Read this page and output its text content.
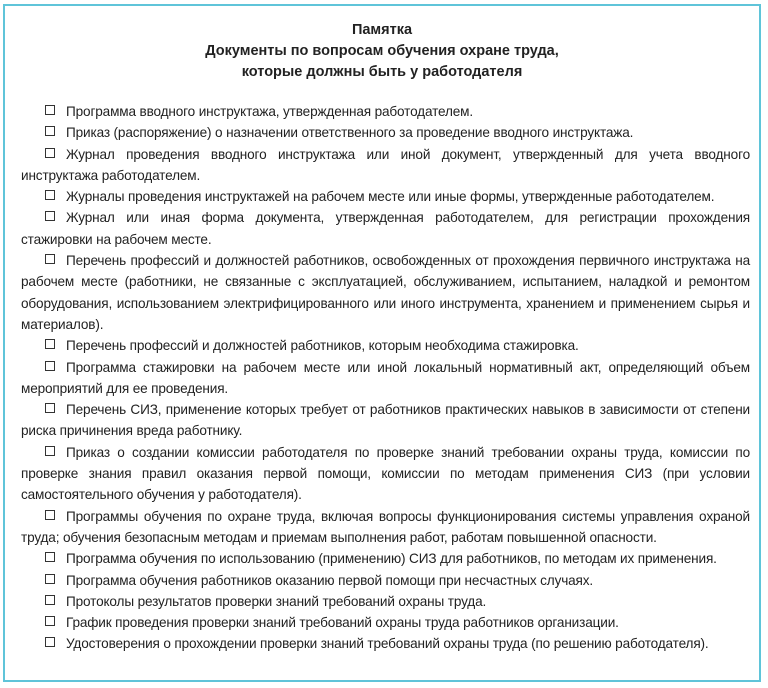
Памятка
Документы по вопросам обучения охране труда,
которые должны быть у работодателя
Программа вводного инструктажа, утвержденная работодателем.
Приказ (распоряжение) о назначении ответственного за проведение вводного инструктажа.
Журнал проведения вводного инструктажа или иной документ, утвержденный для учета вводного инструктажа работодателем.
Журналы проведения инструктажей на рабочем месте или иные формы, утвержденные работодателем.
Журнал или иная форма документа, утвержденная работодателем, для регистрации прохождения стажировки на рабочем месте.
Перечень профессий и должностей работников, освобожденных от прохождения первичного инструктажа на рабочем месте (работники, не связанные с эксплуатацией, обслуживанием, испытанием, наладкой и ремонтом оборудования, использованием электрифицированного или иного инструмента, хранением и применением сырья и материалов).
Перечень профессий и должностей работников, которым необходима стажировка.
Программа стажировки на рабочем месте или иной локальный нормативный акт, определяющий объем мероприятий для ее проведения.
Перечень СИЗ, применение которых требует от работников практических навыков в зависимости от степени риска причинения вреда работнику.
Приказ о создании комиссии работодателя по проверке знаний требовании охраны труда, комиссии по проверке знания правил оказания первой помощи, комиссии по методам применения СИЗ (при условии самостоятельного обучения у работодателя).
Программы обучения по охране труда, включая вопросы функционирования системы управления охраной труда; обучения безопасным методам и приемам выполнения работ, работам повышенной опасности.
Программа обучения по использованию (применению) СИЗ для работников, по методам их применения.
Программа обучения работников оказанию первой помощи при несчастных случаях.
Протоколы результатов проверки знаний требований охраны труда.
График проведения проверки знаний требований охраны труда работников организации.
Удостоверения о прохождении проверки знаний требований охраны труда (по решению работодателя).
